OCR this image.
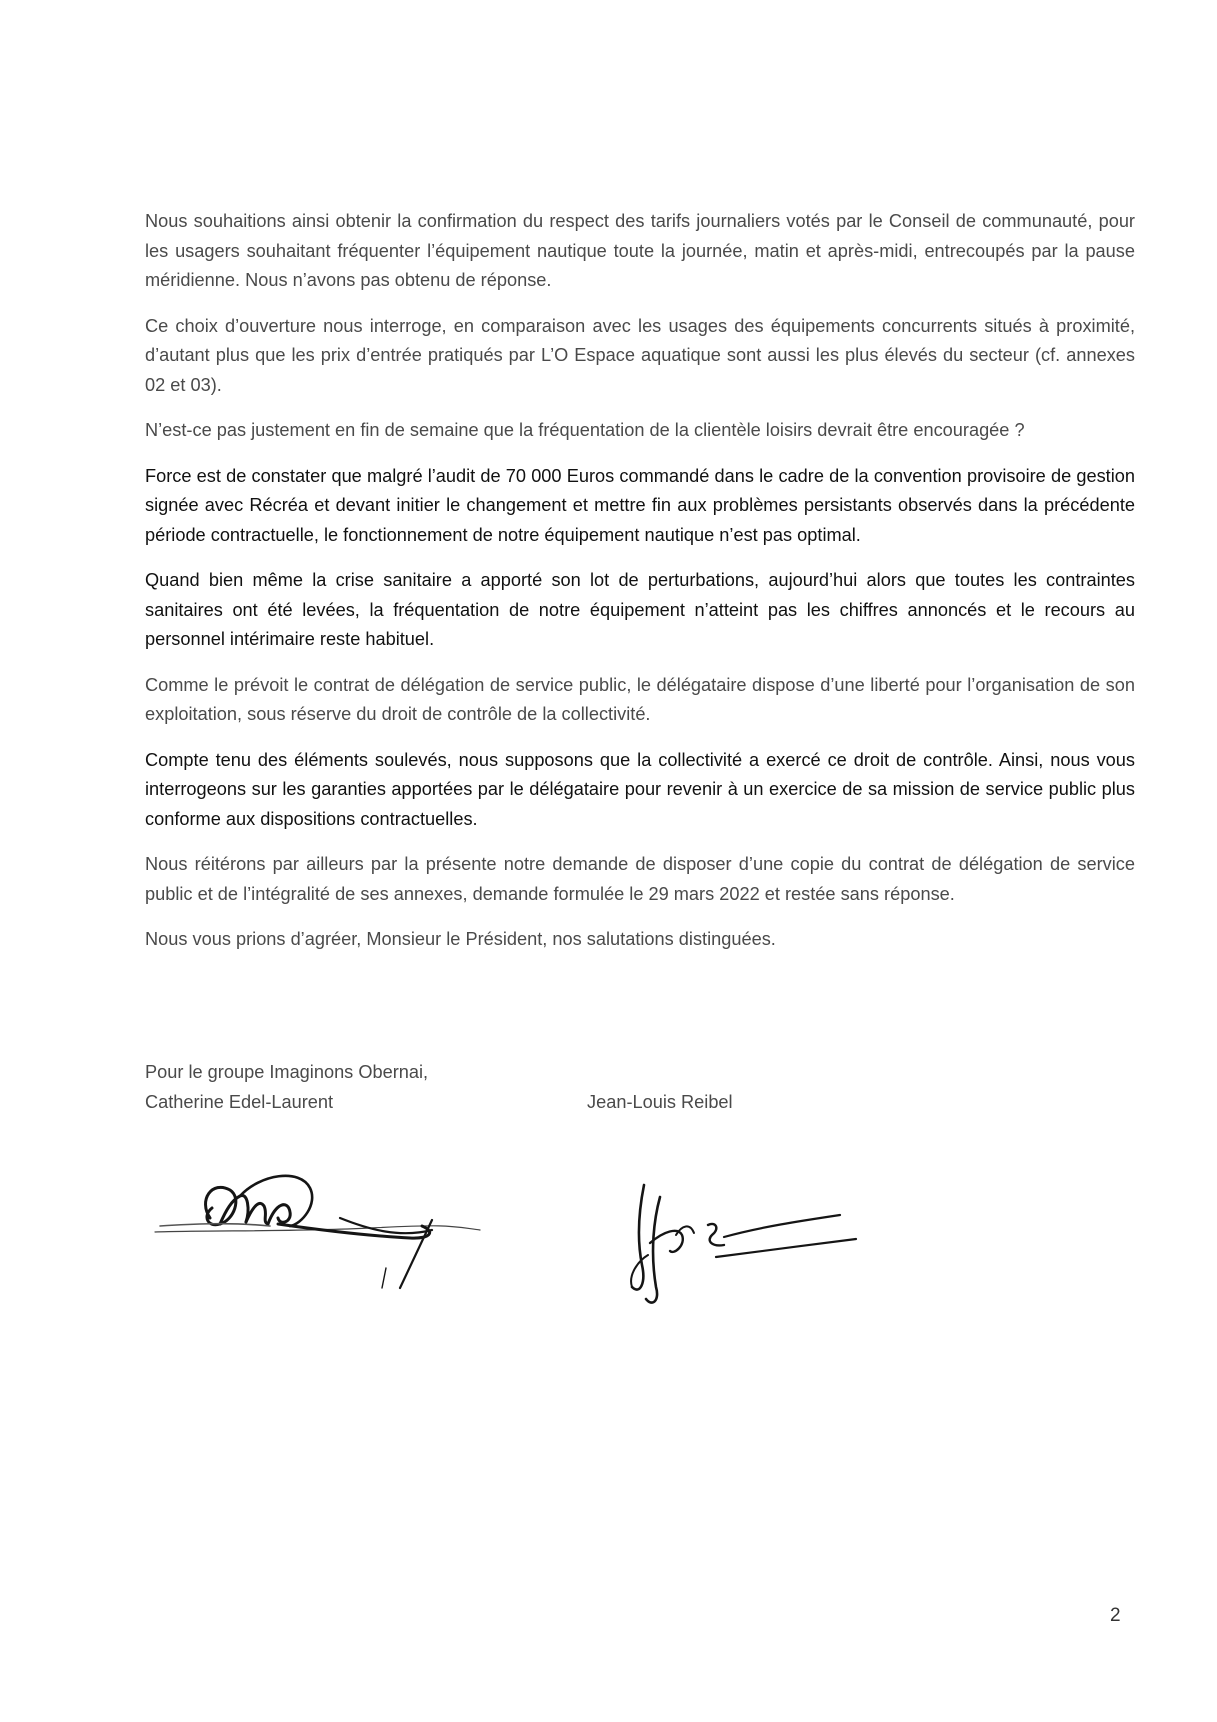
Nous souhaitions ainsi obtenir la confirmation du respect des tarifs journaliers votés par le Conseil de communauté, pour les usagers souhaitant fréquenter l’équipement nautique toute la journée, matin et après-midi, entrecoupés par la pause méridienne. Nous n’avons pas obtenu de réponse.

Ce choix d’ouverture nous interroge, en comparaison avec les usages des équipements concurrents situés à proximité, d’autant plus que les prix d’entrée pratiqués par L’O Espace aquatique sont aussi les plus élevés du secteur (cf. annexes 02 et 03).

N’est-ce pas justement en fin de semaine que la fréquentation de la clientèle loisirs devrait être encouragée ?

Force est de constater que malgré l’audit de 70 000 Euros commandé dans le cadre de la convention provisoire de gestion signée avec Récréa et devant initier le changement et mettre fin aux problèmes persistants observés dans la précédente période contractuelle, le fonctionnement de notre équipement nautique n’est pas optimal.

Quand bien même la crise sanitaire a apporté son lot de perturbations, aujourd’hui alors que toutes les contraintes sanitaires ont été levées, la fréquentation de notre équipement n’atteint pas les chiffres annoncés et le recours au personnel intérimaire reste habituel.

Comme le prévoit le contrat de délégation de service public, le délégataire dispose d’une liberté pour l’organisation de son exploitation, sous réserve du droit de contrôle de la collectivité.

Compte tenu des éléments soulevés, nous supposons que la collectivité a exercé ce droit de contrôle. Ainsi, nous vous interrogeons sur les garanties apportées par le délégataire pour revenir à un exercice de sa mission de service public plus conforme aux dispositions contractuelles.

Nous réitérons par ailleurs par la présente notre demande de disposer d’une copie du contrat de délégation de service public et de l’intégralité de ses annexes, demande formulée le 29 mars 2022 et restée sans réponse.

Nous vous prions d’agréer, Monsieur le Président, nos salutations distinguées.

Pour le groupe Imaginons Obernai,
Catherine Edel-Laurent	Jean-Louis Reibel
2
